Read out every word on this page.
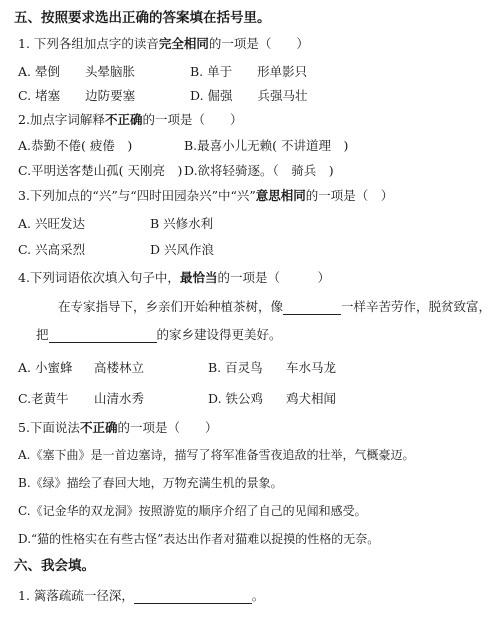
五、按照要求选出正确的答案填在括号里。
1. 下列各组加点字的读音完全相同的一项是（　　）
A. 晕倒　　头晕脑胀	B. 单于　　形单影只
C. 堵塞　　边防要塞	D. 倔强　　兵强马壮
2.加点字词解释不正确的一项是（　　）
A.恭勤不倦( 疲倦　)	B.最喜小儿无赖( 不讲道理　)
C.平明送客楚山孤( 天刚亮　) D.欲将轻骑逐。（　骑兵　)
3.下列加点的“兴”与“四时田园杂兴”中“兴”意思相同的一项是（　）
A. 兴旺发达	B 兴修水利
C. 兴高采烈	D 兴风作浪
4.下列词语依次填入句子中，最恰当的一项是（　　　）
在专家指导下，乡亲们开始种植茶树，像	一样辛苦劳作，脱贫致富，
把	的家乡建设得更美好。
A. 小蜜蜂 高楼林立	B. 百灵鸟 车水马龙
C.老黄牛 山清水秀	D. 铁公鸡 鸡犬相闻
5.下面说法不正确的一项是（　　）
A.《塞下曲》是一首边塞诗，描写了将军准备雪夜追敌的壮举，气概豪迈。
B.《绿》描绘了春回大地，万物充满生机的景象。
C.《记金华的双龙洞》按照游览的顺序介绍了自己的见闻和感受。
D.“猫的性格实在有些古怪”表达出作者对猫难以捉摸的性格的无奈。
六、我会填。
1. 篱落疏疏一径深，	。
